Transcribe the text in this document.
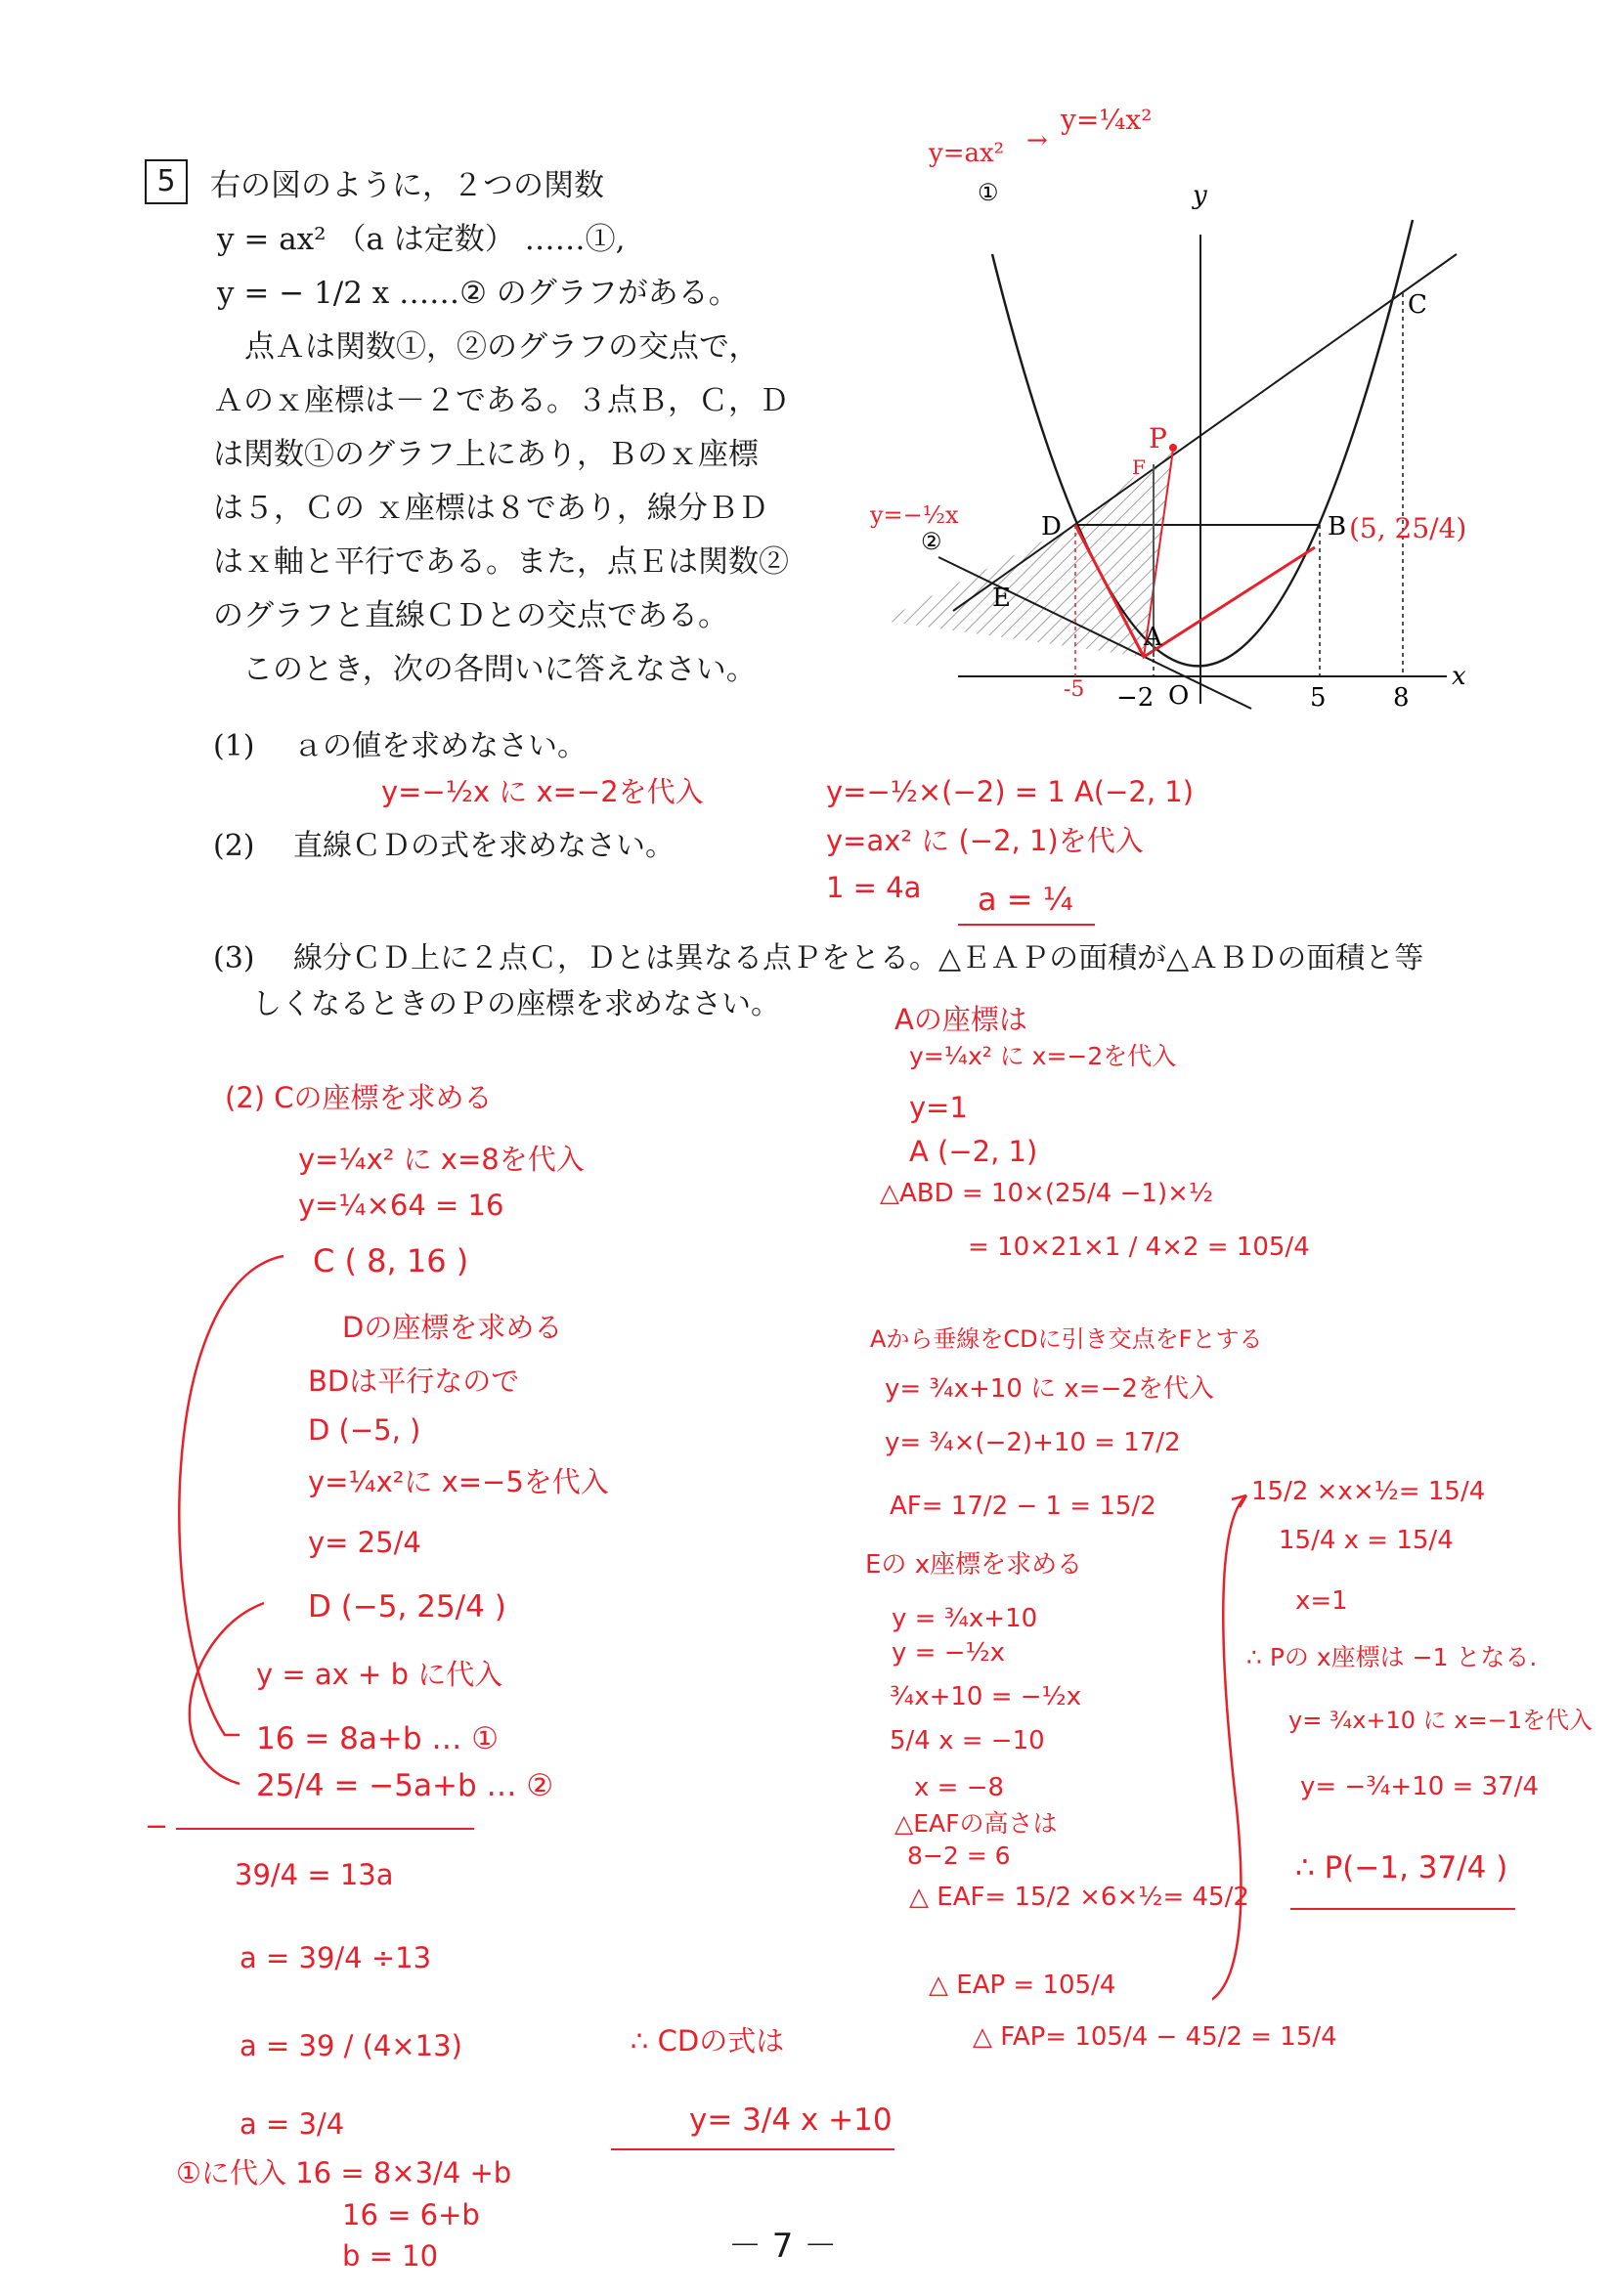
5	右の図のように，２つの関数

y = ax² （a は定数） ……①,
y = − 1/2 x ……② のグラフがある。
点Ａは関数①，②のグラフの交点で，
Ａのｘ座標は－２である。３点Ｂ，Ｃ，Ｄ
は関数①のグラフ上にあり，Ｂのｘ座標
は５，Ｃの ｘ座標は８であり，線分ＢＤ
はｘ軸と平行である。また，点Ｅは関数②
のグラフと直線ＣＤとの交点である。
このとき，次の各問いに答えなさい。
①	y
x
O
C
B
D
E
A
②
P
F
-5 −2	5	8
y=ax² →
y=¼x²
(5, 25/4)
y=−½x
(1) ａの値を求めなさい。
(2) 直線ＣＤの式を求めなさい。
(3) 線分ＣＤ上に２点Ｃ，Ｄとは異なる点Ｐをとる。△ＥＡＰの面積が△ＡＢＤの面積と等
しくなるときのＰの座標を求めなさい。
y=−½x に x=−2を代入	y=−½×(−2) = 1 A(−2, 1)
y=ax² に (−2, 1)を代入
1 = 4a a = ¼
(2) Cの座標を求める
y=¼x² に x=8を代入
y=¼×64 = 16
C ( 8, 16 )
Dの座標を求める
BDは平行なので
D (−5, )
y=¼x²に x=−5を代入
y= 25/4
D (−5, 25/4 )
y = ax + b に代入
16 = 8a+b … ①
25/4 = −5a+b … ②
−
39/4 = 13a
a = 39/4 ÷13
a = 39 / (4×13)
a = 3/4
①に代入 16 = 8×3/4 +b
16 = 6+b
b = 10
∴ CDの式は
y= 3/4 x +10
Aの座標は
y=¼x² に x=−2を代入
y=1
A (−2, 1)
△ABD = 10×(25/4 −1)×½
= 10×21×1 / 4×2 = 105/4
Aから垂線をCDに引き交点をFとする
y= ¾x+10 に x=−2を代入
y= ¾×(−2)+10 = 17/2
AF= 17/2 − 1 = 15/2
Eの x座標を求める
y = ¾x+10
y = −½x
¾x+10 = −½x
5/4 x = −10
x = −8
△EAFの高さは
8−2 = 6
△ EAF= 15/2 ×6×½= 45/2
△ EAP = 105/4
△ FAP= 105/4 − 45/2 = 15/4
15/2 ×x×½= 15/4
15/4 x = 15/4
x=1
∴ Pの x座標は −1 となる.
y= ¾x+10 に x=−1を代入
y= −¾+10 = 37/4
∴ P(−1, 37/4 )
－ 7 －
